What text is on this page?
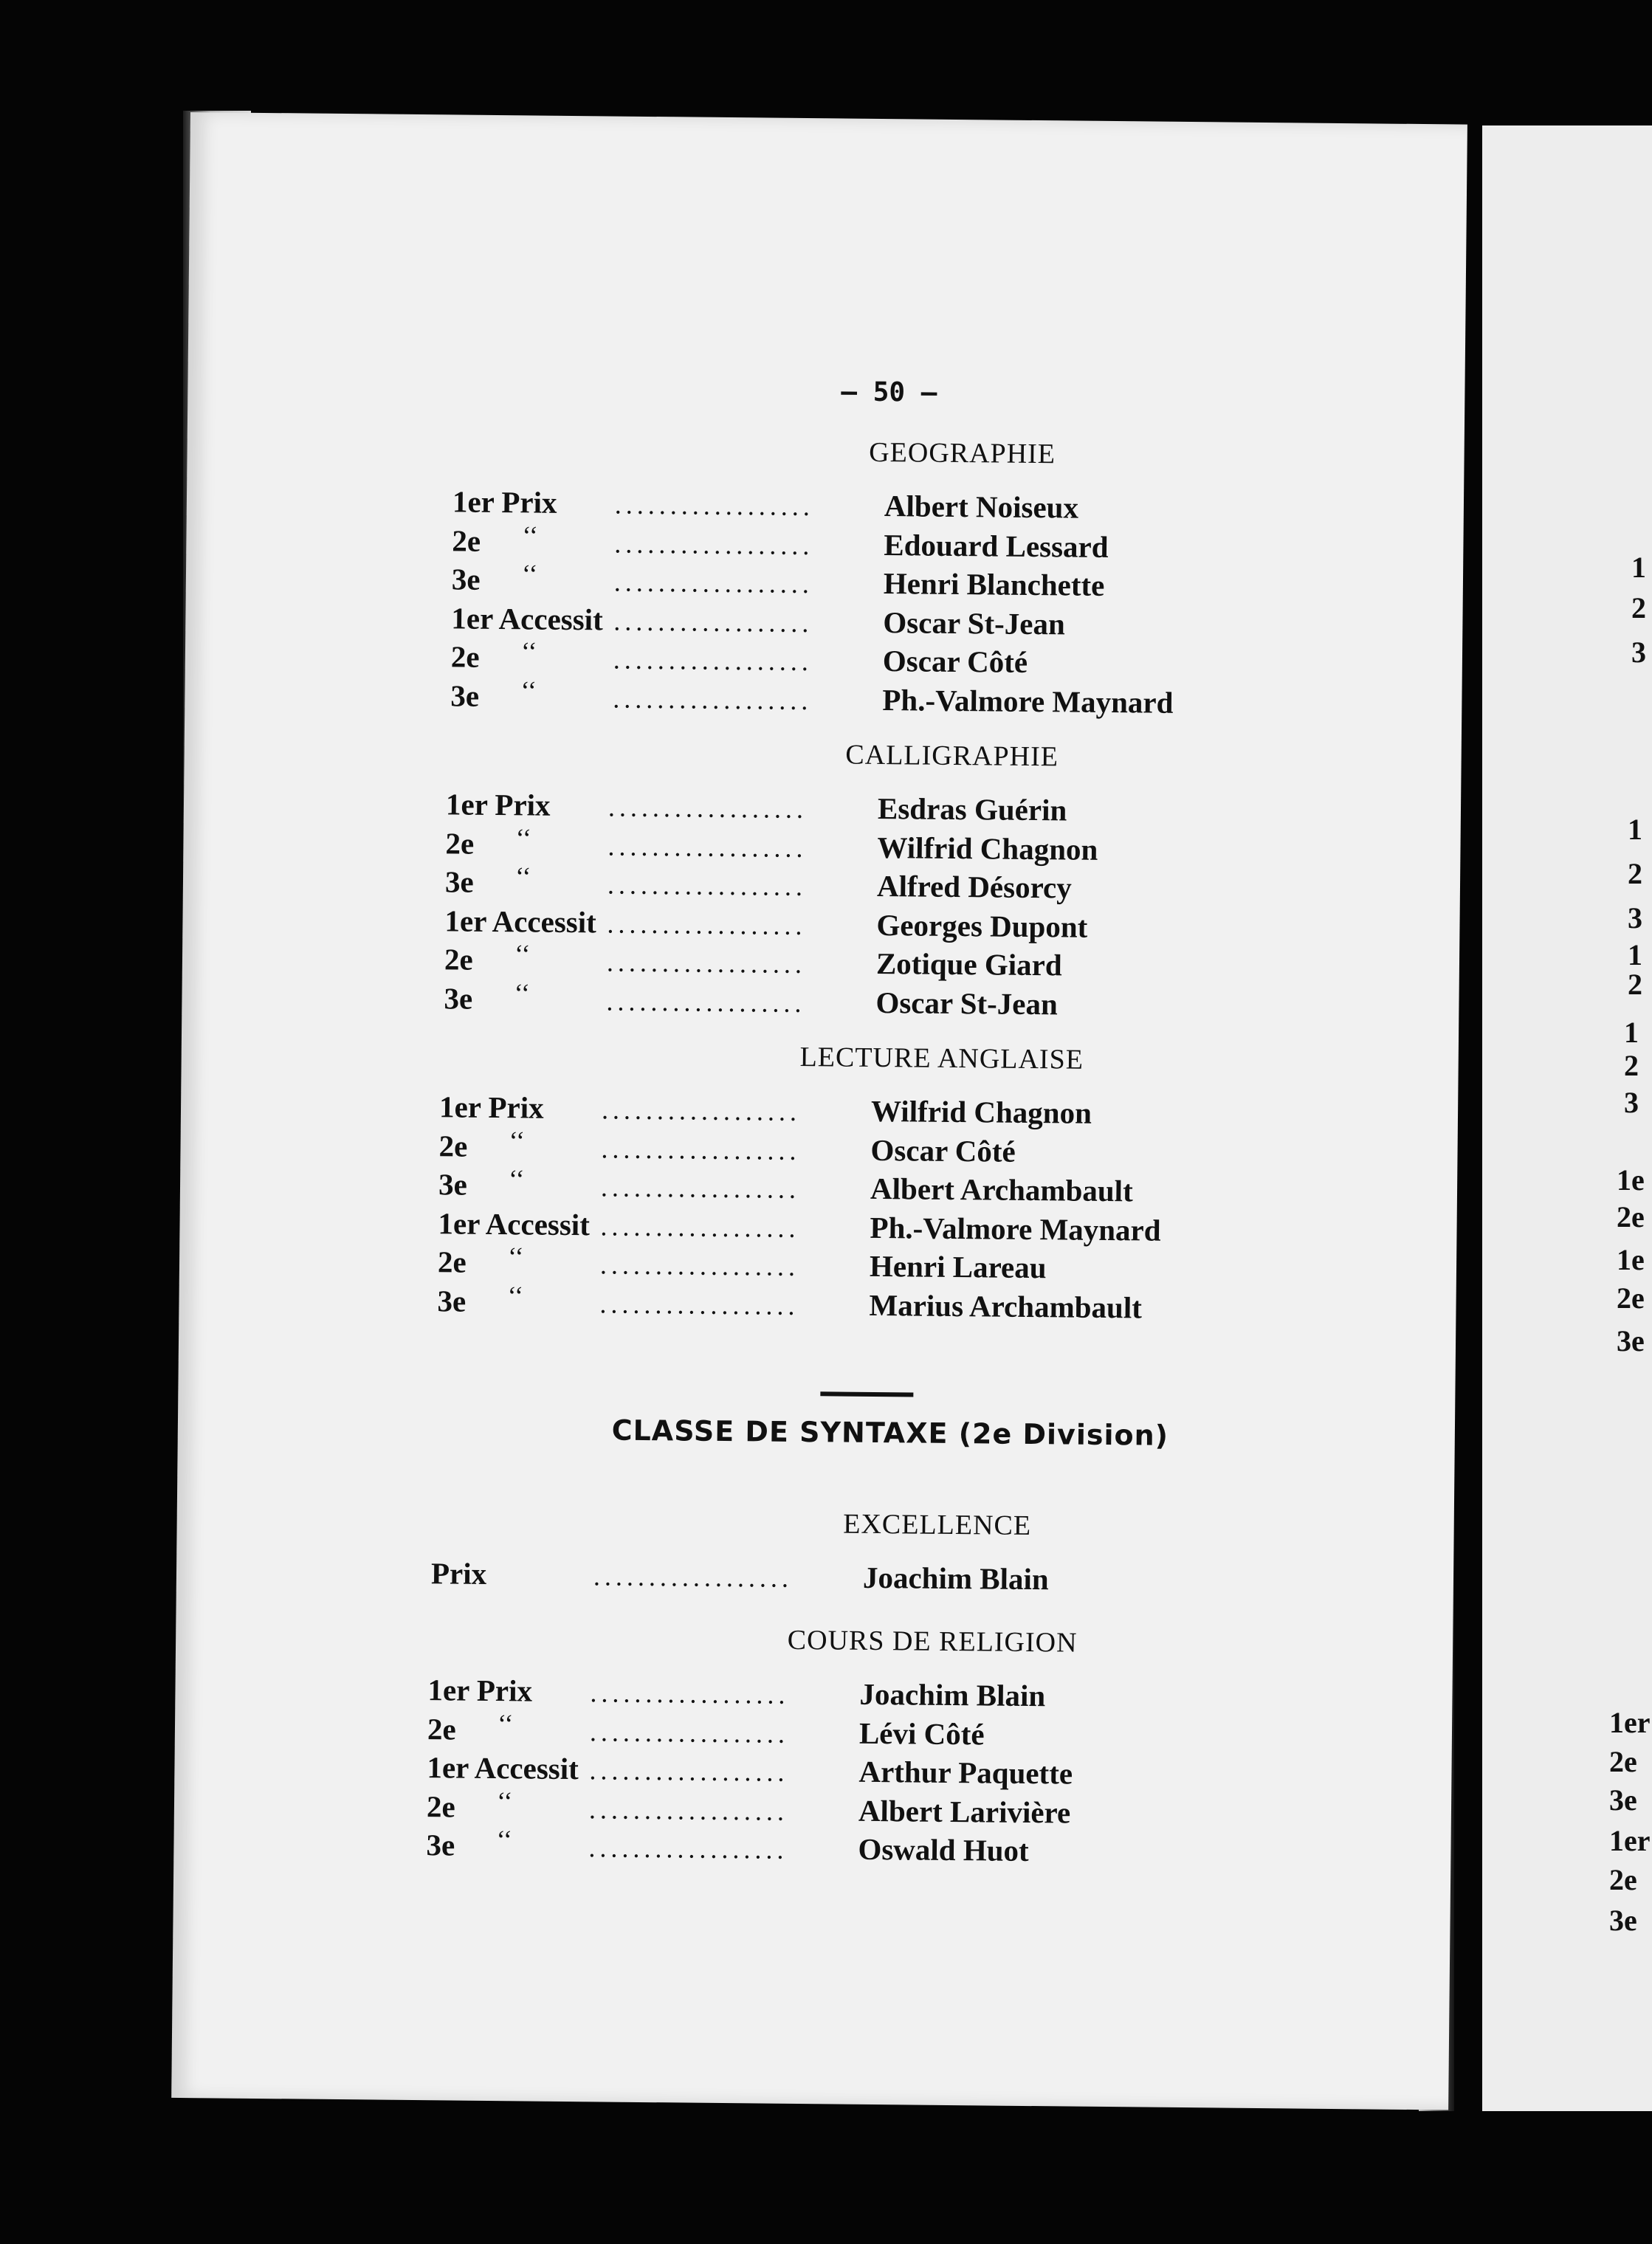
— 50 —
GEOGRAPHIE
1er Prix	..................	Albert Noiseux
2e	‘‘	..................	Edouard Lessard
3e	‘‘	..................	Henri Blanchette
1er Accessit ..................	Oscar St-Jean
2e	‘‘	..................	Oscar Côté
3e	‘‘	..................	Ph.-Valmore Maynard
CALLIGRAPHIE
1er Prix	..................	Esdras Guérin
2e	‘‘	..................	Wilfrid Chagnon
3e	‘‘	..................	Alfred Désorcy
1er Accessit ..................	Georges Dupont
2e	‘‘	..................	Zotique Giard
3e	‘‘	..................	Oscar St-Jean
LECTURE ANGLAISE
1er Prix	..................	Wilfrid Chagnon
2e	‘‘	..................	Oscar Côté
3e	‘‘	..................	Albert Archambault
1er Accessit ..................	Ph.-Valmore Maynard
2e	‘‘	..................	Henri Lareau
3e	‘‘	..................	Marius Archambault
CLASSE DE SYNTAXE (2e Division)
EXCELLENCE
Prix	..................	Joachim Blain
COURS DE RELIGION
1er Prix	..................	Joachim Blain
2e	‘‘	..................	Lévi Côté
1er Accessit ..................	Arthur Paquette
2e	‘‘	..................	Albert Larivière
3e	‘‘	..................	Oswald Huot
1
2
3
1
2
3
1
2
1
2
3
1e
2e
1e
2e
3e
1er
2e
3e
1er
2e
3e
